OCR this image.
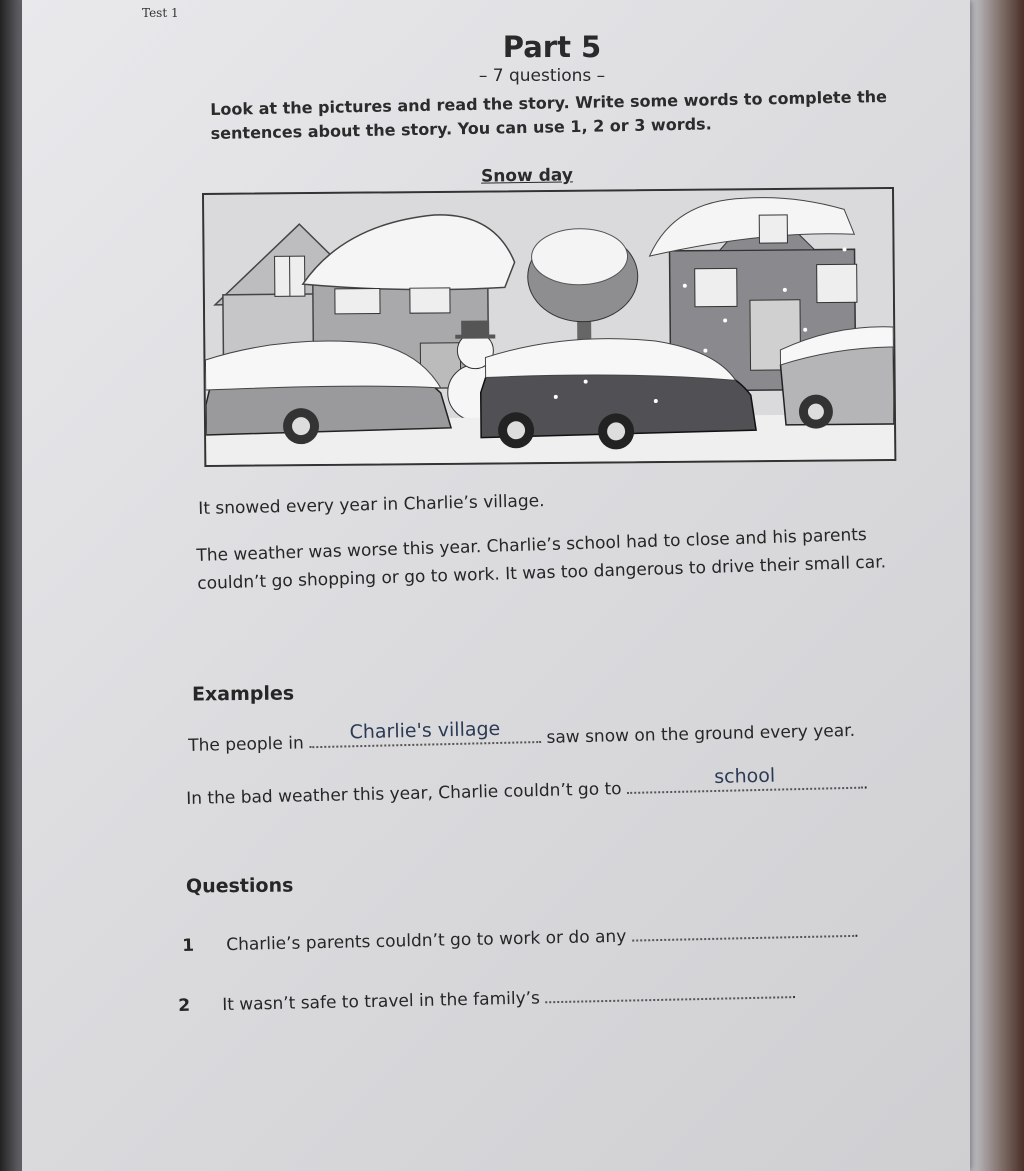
Test 1
Part 5
– 7 questions –
Look at the pictures and read the story. Write some words to complete the sentences about the story. You can use 1, 2 or 3 words.
Snow day
It snowed every year in Charlie’s village.
The weather was worse this year. Charlie’s school had to close and his parents couldn’t go shopping or go to work. It was too dangerous to drive their small car.
Examples
The people in
Charlie's village	saw snow on the ground every year.
In the bad weather this year, Charlie couldn’t go to
school	.
Questions
1 Charlie’s parents couldn’t go to work or do any	.
2 It wasn’t safe to travel in the family’s	.
